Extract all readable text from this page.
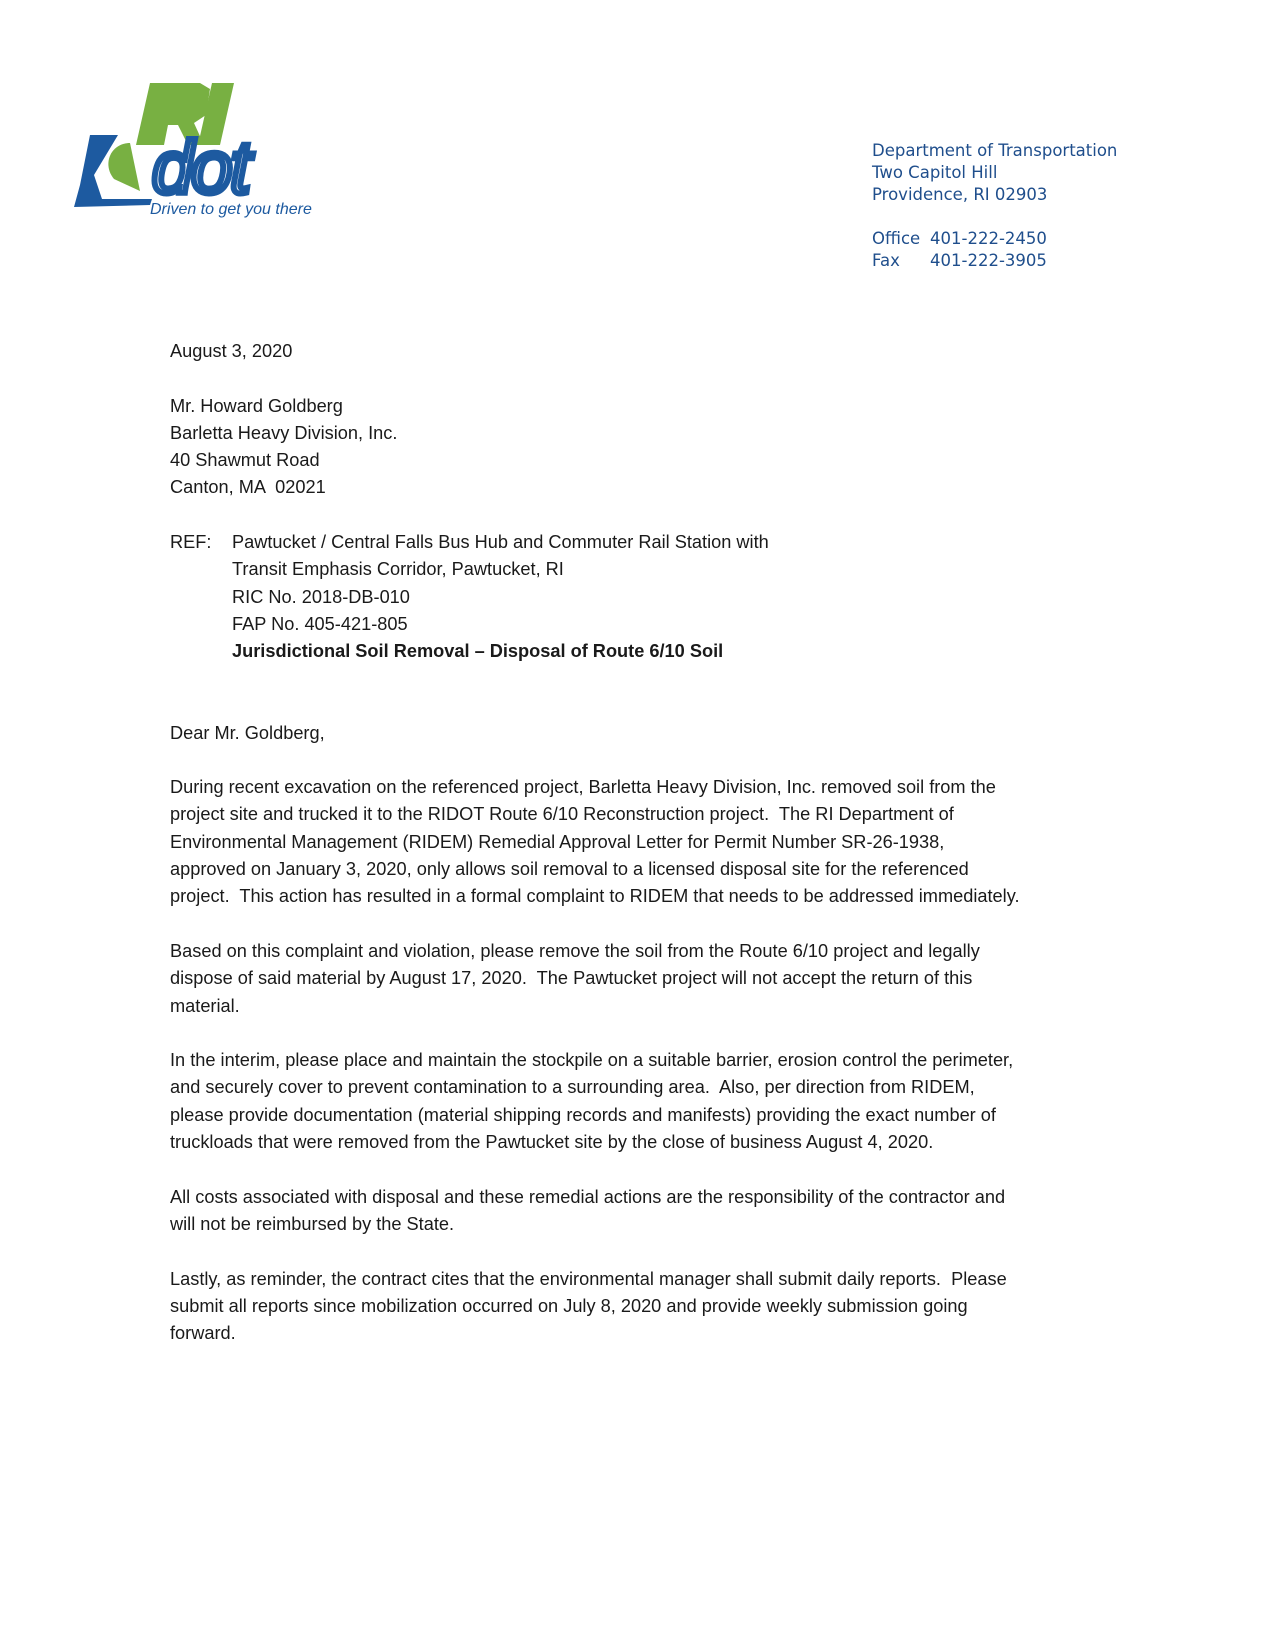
dot
Driven to get you there
Department of Transportation
Two Capitol Hill
Providence, RI 02903
Office 401-222-2450
Fax 401-222-3905
August 3, 2020
Mr. Howard Goldberg
Barletta Heavy Division, Inc.
40 Shawmut Road
Canton, MA  02021
REF:	Pawtucket / Central Falls Bus Hub and Commuter Rail Station with
Transit Emphasis Corridor, Pawtucket, RI
RIC No. 2018-DB-010
FAP No. 405-421-805
Jurisdictional Soil Removal – Disposal of Route 6/10 Soil
Dear Mr. Goldberg,
During recent excavation on the referenced project, Barletta Heavy Division, Inc. removed soil from the
project site and trucked it to the RIDOT Route 6/10 Reconstruction project.  The RI Department of
Environmental Management (RIDEM) Remedial Approval Letter for Permit Number SR-26-1938,
approved on January 3, 2020, only allows soil removal to a licensed disposal site for the referenced
project.  This action has resulted in a formal complaint to RIDEM that needs to be addressed immediately.
Based on this complaint and violation, please remove the soil from the Route 6/10 project and legally
dispose of said material by August 17, 2020.  The Pawtucket project will not accept the return of this
material.
In the interim, please place and maintain the stockpile on a suitable barrier, erosion control the perimeter,
and securely cover to prevent contamination to a surrounding area.  Also, per direction from RIDEM,
please provide documentation (material shipping records and manifests) providing the exact number of
truckloads that were removed from the Pawtucket site by the close of business August 4, 2020.
All costs associated with disposal and these remedial actions are the responsibility of the contractor and
will not be reimbursed by the State.
Lastly, as reminder, the contract cites that the environmental manager shall submit daily reports.  Please
submit all reports since mobilization occurred on July 8, 2020 and provide weekly submission going
forward.
